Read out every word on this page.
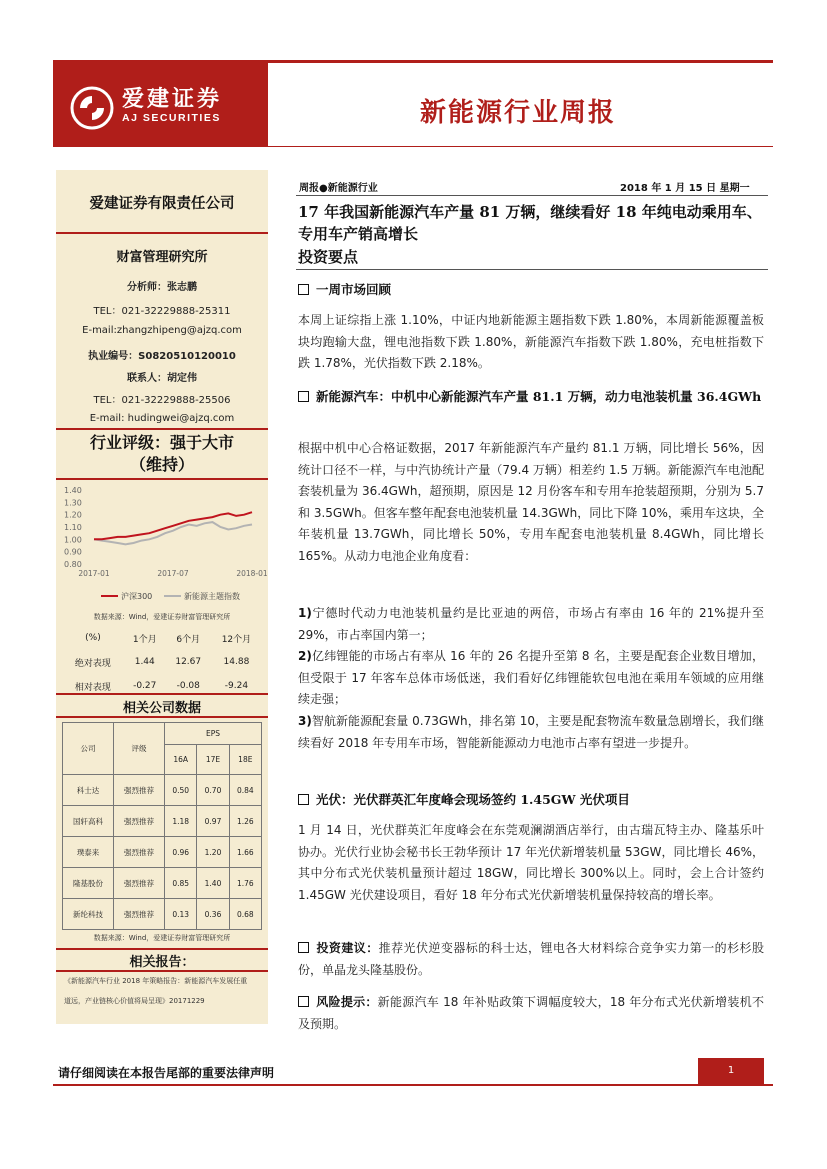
爱建证券
AJ SECURITIES	新能源行业周报
爱建证券有限责任公司
财富管理研究所
分析师：张志鹏
TEL：021-32229888-25311
E-mail:zhangzhipeng@ajzq.com
执业编号：S0820510120010
联系人：胡定伟
TEL：021-32229888-25506
E-mail: hudingwei@ajzq.com
行业评级：强于大市
（维持）
1.40
1.30
1.20
1.10
1.00
0.90
0.80
2017-01	2017-07	2018-01
沪深300	新能源主题指数
数据来源：Wind，爱建证券财富管理研究所
(%)	1个月	6个月	12个月
绝对表现	1.44	12.67	14.88
相对表现	-0.27	-0.08	-9.24
相关公司数据
公司	评级	EPS		
		16A	17E	18E
科士达	强烈推荐	0.50	0.70	0.84
国轩高科	强烈推荐	1.18	0.97	1.26
璞泰来	强烈推荐	0.96	1.20	1.66
隆基股份	强烈推荐	0.85	1.40	1.76
新纶科技	强烈推荐	0.13	0.36	0.68
数据来源：Wind，爱建证券财富管理研究所
相关报告：
《新能源汽车行业 2018 年策略报告：新能源汽车发展任重
道远，产业链核心价值将局呈现》20171229
周报●新能源行业	2018 年 1 月 15 日 星期一
17 年我国新能源汽车产量 81 万辆，继续看好 18 年纯电动乘用车、专用车产销高增长
投资要点
一周市场回顾
本周上证综指上涨 1.10%，中证内地新能源主题指数下跌 1.80%，本周新能源覆盖板块均跑输大盘，锂电池指数下跌 1.80%，新能源汽车指数下跌 1.80%，充电桩指数下跌 1.78%，光伏指数下跌 2.18%。
新能源汽车：中机中心新能源汽车产量 81.1 万辆，动力电池装机量 36.4GWh
根据中机中心合格证数据，2017 年新能源汽车产量约 81.1 万辆，同比增长 56%，因统计口径不一样，与中汽协统计产量（79.4 万辆）相差约 1.5 万辆。新能源汽车电池配套装机量为 36.4GWh，超预期，原因是 12 月份客车和专用车抢装超预期，分别为 5.7 和 3.5GWh。但客车整年配套电池装机量 14.3GWh，同比下降 10%，乘用车这块，全年装机量 13.7GWh，同比增长 50%，专用车配套电池装机量 8.4GWh，同比增长 165%。从动力电池企业角度看：
1)宁德时代动力电池装机量约是比亚迪的两倍，市场占有率由 16 年的 21%提升至 29%，市占率国内第一；
2)亿纬锂能的市场占有率从 16 年的 26 名提升至第 8 名，主要是配套企业数目增加，但受限于 17 年客车总体市场低迷，我们看好亿纬锂能软包电池在乘用车领域的应用继续走强；
3)智航新能源配套量 0.73GWh，排名第 10，主要是配套物流车数量急剧增长，我们继续看好 2018 年专用车市场，智能新能源动力电池市占率有望进一步提升。
光伏：光伏群英汇年度峰会现场签约 1.45GW 光伏项目
1 月 14 日，光伏群英汇年度峰会在东莞观澜湖酒店举行，由古瑞瓦特主办、隆基乐叶协办。光伏行业协会秘书长王勃华预计 17 年光伏新增装机量 53GW，同比增长 46%，其中分布式光伏装机量预计超过 18GW，同比增长 300%以上。同时，会上合计签约 1.45GW 光伏建设项目，看好 18 年分布式光伏新增装机量保持较高的增长率。
投资建议：推荐光伏逆变器标的科士达，锂电各大材料综合竞争实力第一的杉杉股份，单晶龙头隆基股份。
风险提示：新能源汽车 18 年补贴政策下调幅度较大，18 年分布式光伏新增装机不及预期。
请仔细阅读在本报告尾部的重要法律声明	1
